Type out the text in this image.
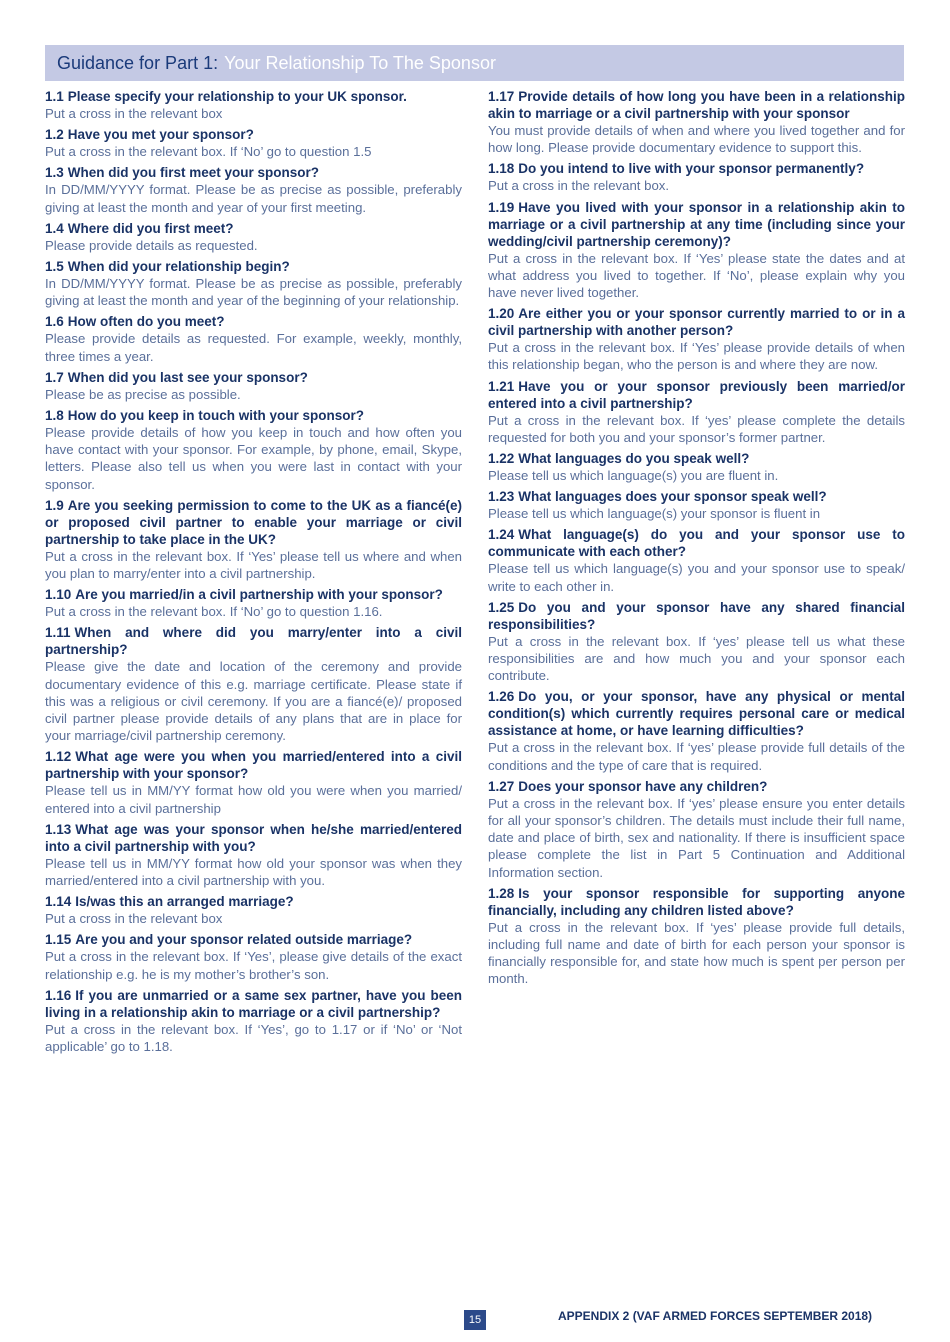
Guidance for Part 1: Your Relationship To The Sponsor
1.1 Please specify your relationship to your UK sponsor.
Put a cross in the relevant box
1.2 Have you met your sponsor?
Put a cross in the relevant box. If ‘No’ go to question 1.5
1.3 When did you first meet your sponsor?
In DD/MM/YYYY format. Please be as precise as possible, preferably giving at least the month and year of your first meeting.
1.4 Where did you first meet?
Please provide details as requested.
1.5 When did your relationship begin?
In DD/MM/YYYY format. Please be as precise as possible, preferably giving at least the month and year of the beginning of your relationship.
1.6 How often do you meet?
Please provide details as requested. For example, weekly, monthly, three times a year.
1.7 When did you last see your sponsor?
Please be as precise as possible.
1.8 How do you keep in touch with your sponsor?
Please provide details of how you keep in touch and how often you have contact with your sponsor. For example, by phone, email, Skype, letters. Please also tell us when you were last in contact with your sponsor.
1.9 Are you seeking permission to come to the UK as a fiancé(e) or proposed civil partner to enable your marriage or civil partnership to take place in the UK?
Put a cross in the relevant box. If ‘Yes’ please tell us where and when you plan to marry/enter into a civil partnership.
1.10 Are you married/in a civil partnership with your sponsor?
Put a cross in the relevant box. If ‘No’ go to question 1.16.
1.11 When and where did you marry/enter into a civil partnership?
Please give the date and location of the ceremony and provide documentary evidence of this e.g. marriage certificate. Please state if this was a religious or civil ceremony. If you are a fiancé(e)/ proposed civil partner please provide details of any plans that are in place for your marriage/civil partnership ceremony.
1.12 What age were you when you married/entered into a civil partnership with your sponsor?
Please tell us in MM/YY format how old you were when you married/ entered into a civil partnership
1.13 What age was your sponsor when he/she married/entered into a civil partnership with you?
Please tell us in MM/YY format how old your sponsor was when they married/entered into a civil partnership with you.
1.14 Is/was this an arranged marriage?
Put a cross in the relevant box
1.15 Are you and your sponsor related outside marriage?
Put a cross in the relevant box. If ‘Yes’, please give details of the exact relationship e.g. he is my mother’s brother’s son.
1.16 If you are unmarried or a same sex partner, have you been living in a relationship akin to marriage or a civil partnership?
Put a cross in the relevant box. If ‘Yes’, go to 1.17 or if ‘No’ or ‘Not applicable’ go to 1.18.
1.17 Provide details of how long you have been in a relationship akin to marriage or a civil partnership with your sponsor
You must provide details of when and where you lived together and for how long. Please provide documentary evidence to support this.
1.18 Do you intend to live with your sponsor permanently?
Put a cross in the relevant box.
1.19 Have you lived with your sponsor in a relationship akin to marriage or a civil partnership at any time (including since your wedding/civil partnership ceremony)?
Put a cross in the relevant box. If ‘Yes’ please state the dates and at what address you lived to together. If ‘No’, please explain why you have never lived together.
1.20 Are either you or your sponsor currently married to or in a civil partnership with another person?
Put a cross in the relevant box. If ‘Yes’ please provide details of when this relationship began, who the person is and where they are now.
1.21 Have you or your sponsor previously been married/or entered into a civil partnership?
Put a cross in the relevant box. If ‘yes’ please complete the details requested for both you and your sponsor’s former partner.
1.22 What languages do you speak well?
Please tell us which language(s) you are fluent in.
1.23 What languages does your sponsor speak well?
Please tell us which language(s) your sponsor is fluent in
1.24 What language(s) do you and your sponsor use to communicate with each other?
Please tell us which language(s) you and your sponsor use to speak/ write to each other in.
1.25 Do you and your sponsor have any shared financial responsibilities?
Put a cross in the relevant box. If ‘yes’ please tell us what these responsibilities are and how much you and your sponsor each contribute.
1.26 Do you, or your sponsor, have any physical or mental condition(s) which currently requires personal care or medical assistance at home, or have learning difficulties?
Put a cross in the relevant box. If ‘yes’ please provide full details of the conditions and the type of care that is required.
1.27 Does your sponsor have any children?
Put a cross in the relevant box. If ‘yes’ please ensure you enter details for all your sponsor’s children. The details must include their full name, date and place of birth, sex and nationality. If there is insufficient space please complete the list in Part 5 Continuation and Additional Information section.
1.28 Is your sponsor responsible for supporting anyone financially, including any children listed above?
Put a cross in the relevant box. If ‘yes’ please provide full details, including full name and date of birth for each person your sponsor is financially responsible for, and state how much is spent per person per month.
15	APPENDIX 2 (VAF ARMED FORCES SEPTEMBER 2018)
